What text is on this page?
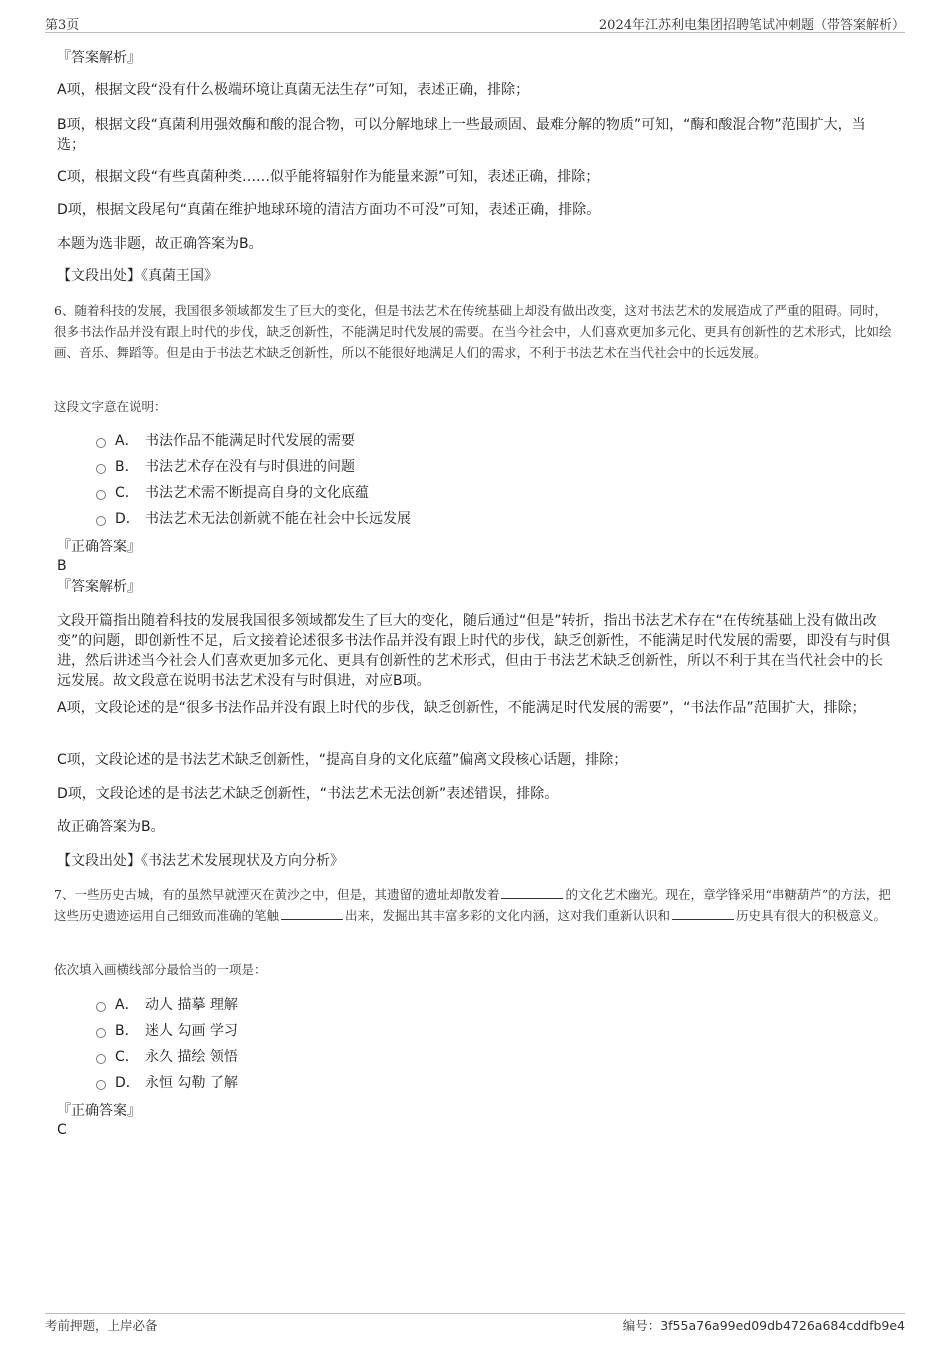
第3页	2024年江苏利电集团招聘笔试冲刺题（带答案解析）
『答案解析』
A项，根据文段“没有什么极端环境让真菌无法生存”可知，表述正确，排除；
B项，根据文段“真菌利用强效酶和酸的混合物，可以分解地球上一些最顽固、最难分解的物质”可知，“酶和酸混合物”范围扩大，当选；
C项，根据文段“有些真菌种类……似乎能将辐射作为能量来源”可知，表述正确，排除；
D项，根据文段尾句“真菌在维护地球环境的清洁方面功不可没”可知，表述正确，排除。
本题为选非题，故正确答案为B。
【文段出处】《真菌王国》
6、随着科技的发展，我国很多领域都发生了巨大的变化，但是书法艺术在传统基础上却没有做出改变，这对书法艺术的发展造成了严重的阻碍。同时，很多书法作品并没有跟上时代的步伐，缺乏创新性，不能满足时代发展的需要。在当今社会中，人们喜欢更加多元化、更具有创新性的艺术形式，比如绘画、音乐、舞蹈等。但是由于书法艺术缺乏创新性，所以不能很好地满足人们的需求，不利于书法艺术在当代社会中的长远发展。
这段文字意在说明：
A． 书法作品不能满足时代发展的需要
B． 书法艺术存在没有与时俱进的问题
C． 书法艺术需不断提高自身的文化底蕴
D． 书法艺术无法创新就不能在社会中长远发展
『正确答案』
B
『答案解析』
文段开篇指出随着科技的发展我国很多领域都发生了巨大的变化，随后通过“但是”转折，指出书法艺术存在“在传统基础上没有做出改变”的问题，即创新性不足，后文接着论述很多书法作品并没有跟上时代的步伐，缺乏创新性，不能满足时代发展的需要，即没有与时俱进，然后讲述当今社会人们喜欢更加多元化、更具有创新性的艺术形式，但由于书法艺术缺乏创新性，所以不利于其在当代社会中的长远发展。故文段意在说明书法艺术没有与时俱进，对应B项。
A项，文段论述的是“很多书法作品并没有跟上时代的步伐，缺乏创新性，不能满足时代发展的需要”，“书法作品”范围扩大，排除；
C项，文段论述的是书法艺术缺乏创新性，“提高自身的文化底蕴”偏离文段核心话题，排除；
D项，文段论述的是书法艺术缺乏创新性，“书法艺术无法创新”表述错误，排除。
故正确答案为B。
【文段出处】《书法艺术发展现状及方向分析》
7、一些历史古城，有的虽然早就湮灭在黄沙之中，但是，其遗留的遗址却散发着	的文化艺术幽光。现在，章学锋采用“串糖葫芦”的方法，把这些历史遗迹运用自己细致而准确的笔触	出来，发掘出其丰富多彩的文化内涵，这对我们重新认识和	历史具有很大的积极意义。
依次填入画横线部分最恰当的一项是：
A． 动人 描摹 理解
B． 迷人 勾画 学习
C． 永久 描绘 领悟
D． 永恒 勾勒 了解
『正确答案』
C
考前押题，上岸必备	编号：3f55a76a99ed09db4726a684cddfb9e4
